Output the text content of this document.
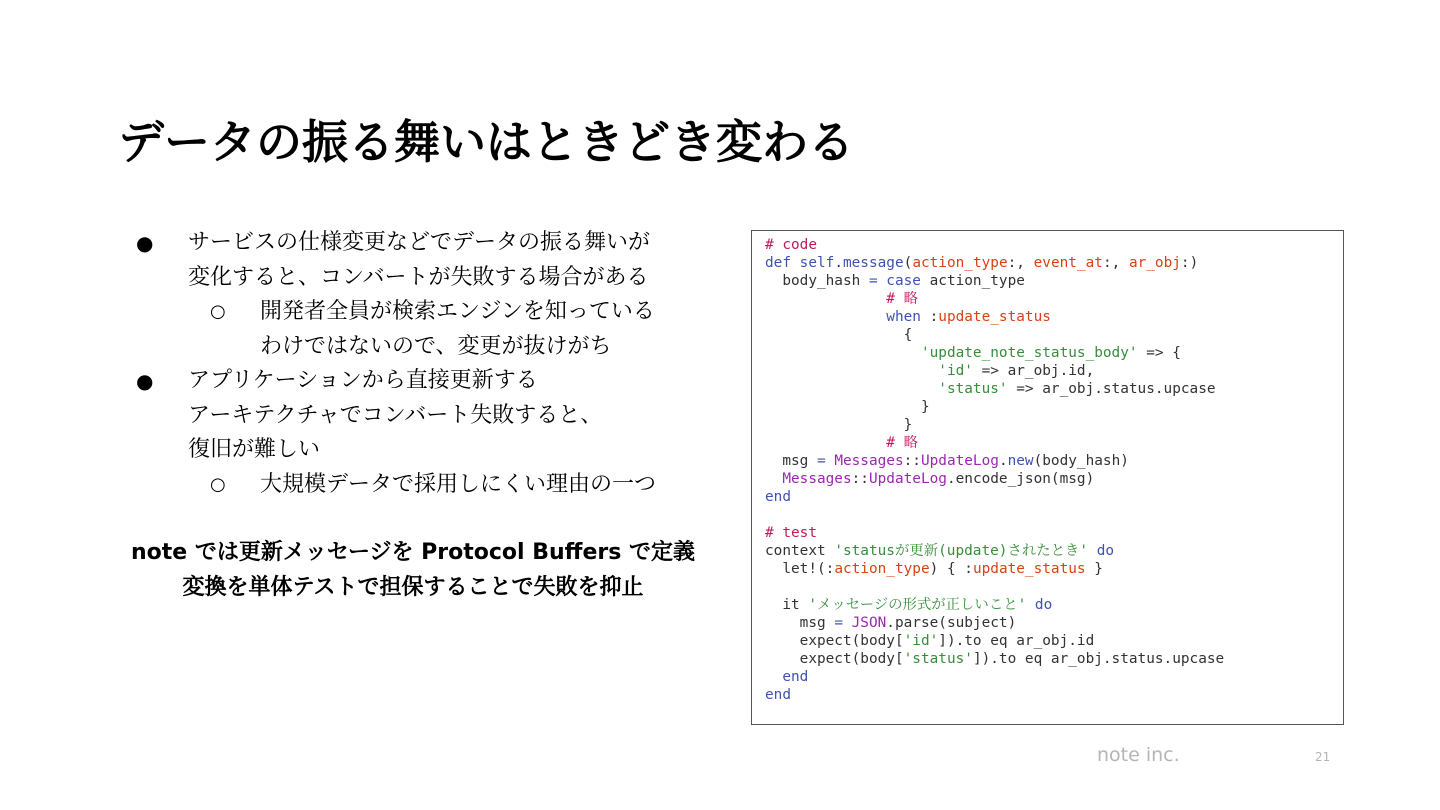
データの振る舞いはときどき変わる
● サービスの仕様変更などでデータの振る舞いが
変化すると、コンバートが失敗する場合がある
○ 開発者全員が検索エンジンを知っている
わけではないので、変更が抜けがち
● アプリケーションから直接更新する
アーキテクチャでコンバート失敗すると、
復旧が難しい
○ 大規模データで採用しにくい理由の一つ
note では更新メッセージを Protocol Buffers で定義
変換を単体テストで担保することで失敗を抑止
# code
def self.message(action_type:, event_at:, ar_obj:)
body_hash = case action_type
# 略
when :update_status
{
'update_note_status_body' => {
'id' => ar_obj.id,
'status' => ar_obj.status.upcase
}
}
# 略
msg = Messages::UpdateLog.new(body_hash)
Messages::UpdateLog.encode_json(msg)
end
# test
context 'statusが更新(update)されたとき' do
let!(:action_type) { :update_status }
it 'メッセージの形式が正しいこと' do
msg = JSON.parse(subject)
expect(body['id']).to eq ar_obj.id
expect(body['status']).to eq ar_obj.status.upcase
end
end
note inc.	21
